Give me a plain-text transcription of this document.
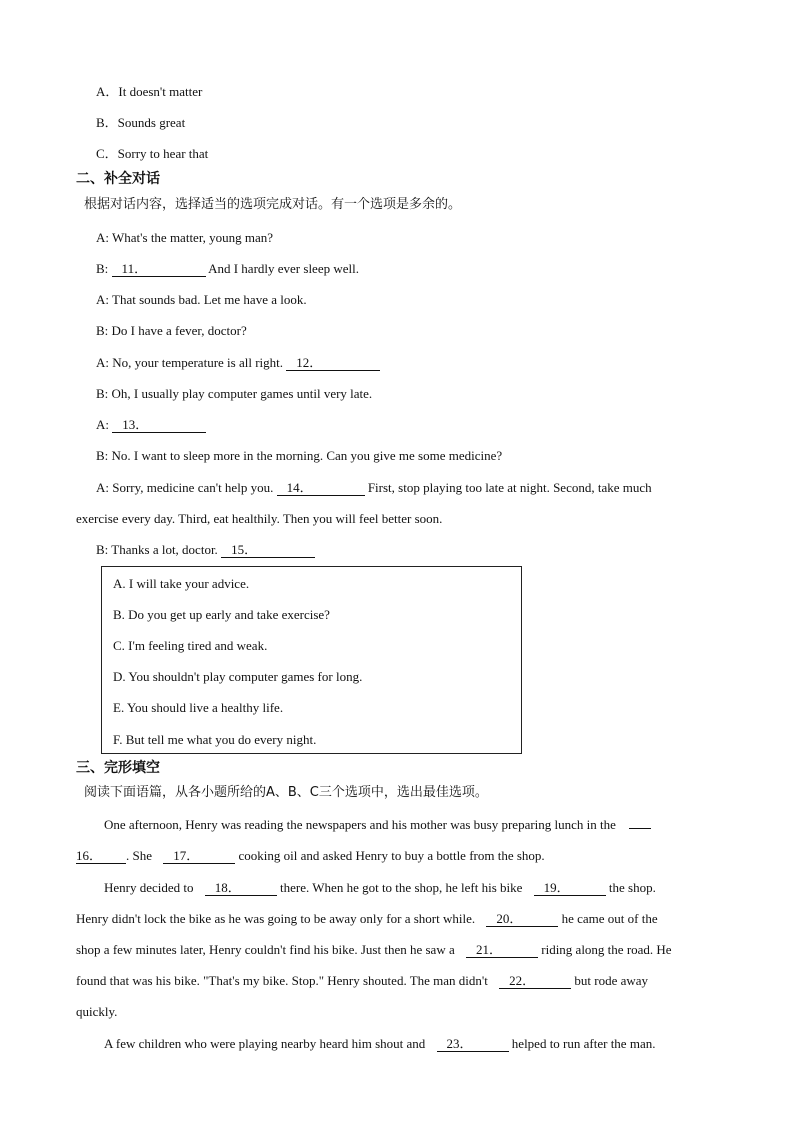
A．It doesn't matter
B．Sounds great
C．Sorry to hear that
二、补全对话
根据对话内容，选择适当的选项完成对话。有一个选项是多余的。
A: What's the matter, young man?
B: 11．	And I hardly ever sleep well.
A: That sounds bad. Let me have a look.
B: Do I have a fever, doctor?
A: No, your temperature is all right. 12．
B: Oh, I usually play computer games until very late.
A: 13．
B: No. I want to sleep more in the morning. Can you give me some medicine?
A: Sorry, medicine can't help you. 14．	First, stop playing too late at night. Second, take much
exercise every day. Third, eat healthily. Then you will feel better soon.
B: Thanks a lot, doctor. 15．
A. I will take your advice.
B. Do you get up early and take exercise?
C. I'm feeling tired and weak.
D. You shouldn't play computer games for long.
E. You should live a healthy life.
F. But tell me what you do every night.
三、完形填空
阅读下面语篇，从各小题所给的A、B、C三个选项中，选出最佳选项。
One afternoon, Henry was reading the newspapers and his mother was busy preparing lunch in the
16． . She 17．	cooking oil and asked Henry to buy a bottle from the shop.
Henry decided to 18．	there. When he got to the shop, he left his bike 19．	the shop.
Henry didn't lock the bike as he was going to be away only for a short while. 20．	he came out of the
shop a few minutes later, Henry couldn't find his bike. Just then he saw a 21．	riding along the road. He
found that was his bike. "That's my bike. Stop." Henry shouted. The man didn't 22．	but rode away
quickly.
A few children who were playing nearby heard him shout and 23．	helped to run after the man.
